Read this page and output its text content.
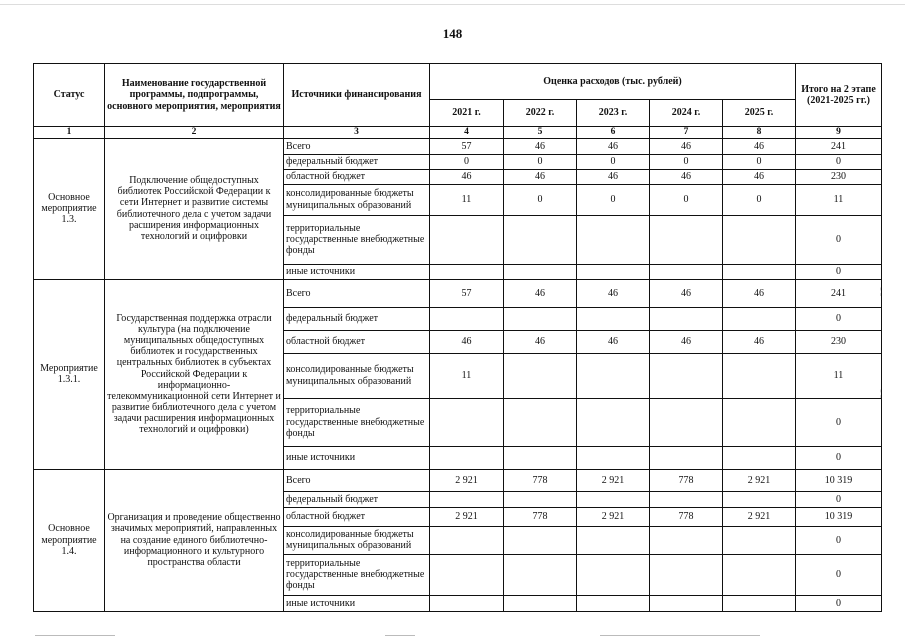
·
¦
·
·
¦
148
Статус	Наименование государственной программы, подпрограммы, основного мероприятия, мероприятия	Источники финансирования	Оценка расходов (тыс. рублей)					Итого на 2 этапе (2021-2025 гг.)
			2021 г.	2022 г.	2023 г.	2024 г.	2025 г.	
1	2	3	4	5	6	7	8	9
Основное мероприятие 1.3.	Подключение общедоступных библиотек Российской Федерации к сети Интернет и развитие системы библиотечного дела с учетом задачи расширения информационных технологий и оцифровки	Всего	57	46	46	46	46	241
		федеральный бюджет	0	0	0	0	0	0
		областной бюджет	46	46	46	46	46	230
		консолидированные бюджеты муниципальных образований	11	0	0	0	0	11
		территориальные государственные внебюджетные фонды						0
		иные источники						0
Мероприятие 1.3.1.	Государственная поддержка отрасли культура (на подключение муниципальных общедоступных библиотек и государственных центральных библиотек в субъектах Российской Федерации к информационно-телекоммуникационной сети Интернет и развитие библиотечного дела с учетом задачи расширения информационных технологий и оцифровки)	Всего	57	46	46	46	46	241
		федеральный бюджет						0
		областной бюджет	46	46	46	46	46	230
		консолидированные бюджеты муниципальных образований	11					11
		территориальные государственные внебюджетные фонды						0
		иные источники						0
Основное мероприятие 1.4.	Организация и проведение общественно значимых мероприятий, направленных на создание единого библиотечно-информационного и культурного пространства области	Всего	2 921	778	2 921	778	2 921	10 319
		федеральный бюджет						0
		областной бюджет	2 921	778	2 921	778	2 921	10 319
		консолидированные бюджеты муниципальных образований						0
		территориальные государственные внебюджетные фонды						0
		иные источники						0
